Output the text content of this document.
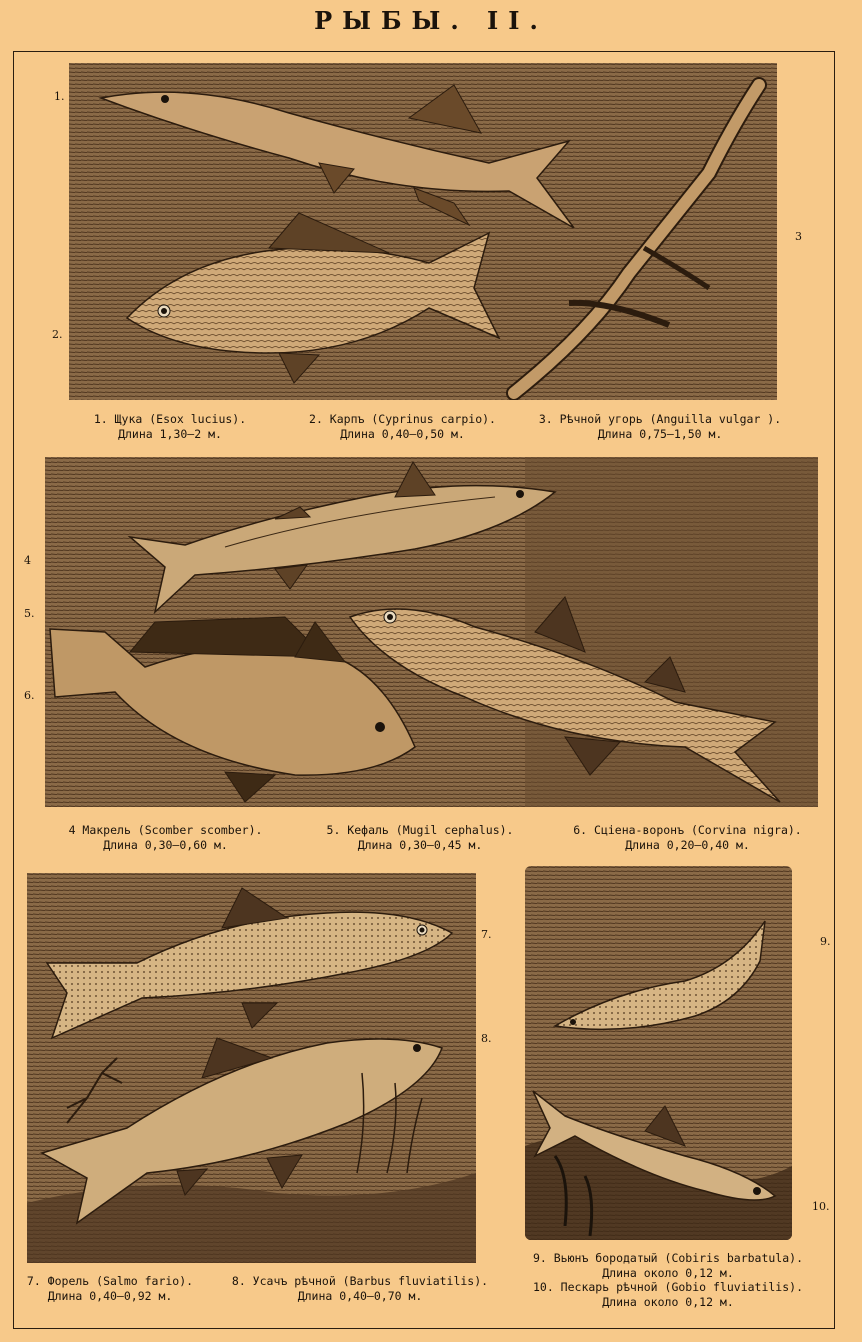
РЫБЫ. II.
1.
2.
3
1. Щука (Esox lucius).
Длина 1,30—2 м.
2. Карпъ (Cyprinus carpio).
Длина 0,40—0,50 м.
3. Рѣчной угорь (Anguilla vulgar ).
Длина 0,75—1,50 м.
4
5.
6.
4 Макрель (Scomber scomber).
Длина 0,30—0,60 м.
5. Кефаль (Mugil cephalus).
Длина 0,30—0,45 м.
6. Сціена-воронъ (Corvina nigra).
Длина 0,20—0,40 м.
7.
8.
7. Форель (Salmo fario).
Длина 0,40—0,92 м.
8. Усачъ рѣчной (Barbus fluviatilis).
Длина 0,40—0,70 м.
9.
10.
9. Вьюнъ бородатый (Cobiris barbatula).
Длина около 0,12 м.
10. Пескарь рѣчной (Gobio fluviatilis).
Длина около 0,12 м.
